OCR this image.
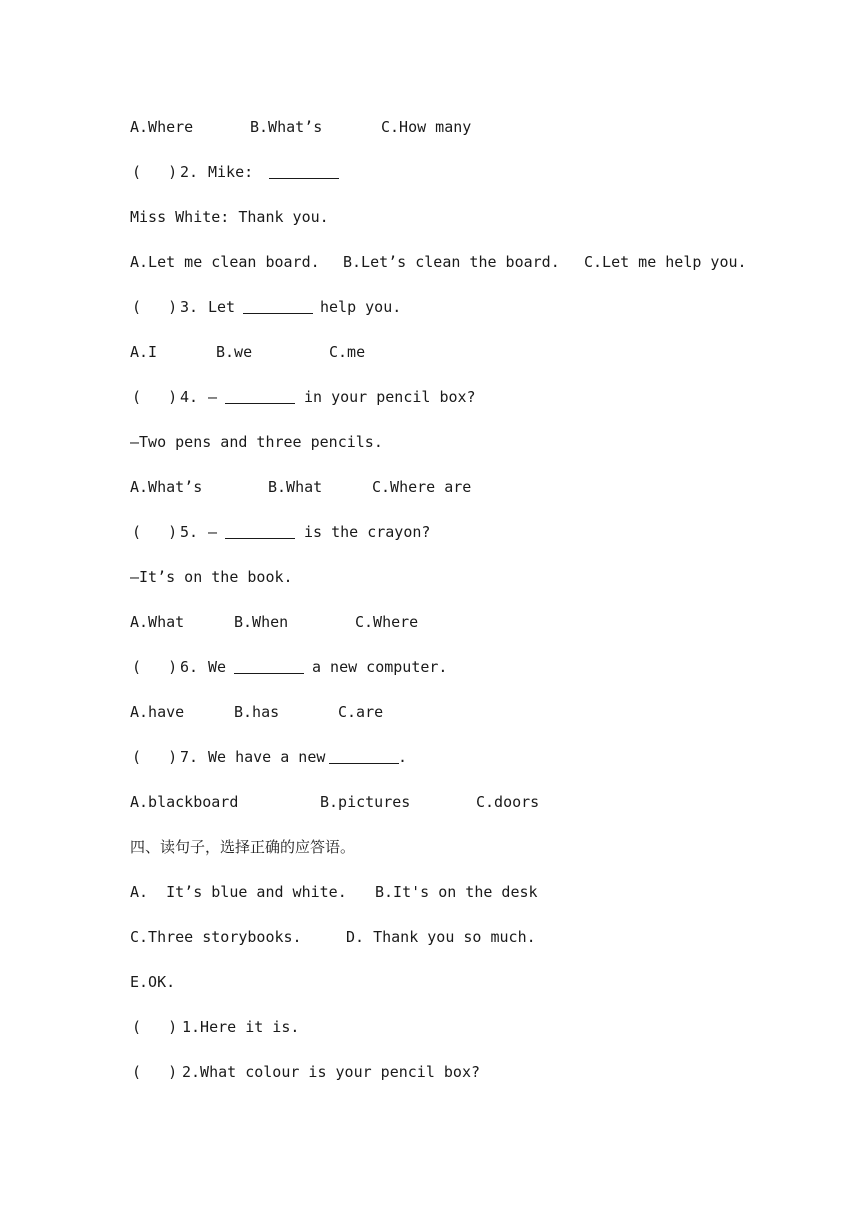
A.Where

	B.What’s

	C.How many

(   )

2.

Mike:

Miss White: Thank you.

A.Let me clean board.

B.Let’s clean the board.

C.Let me help you.

(   )

3.

Let

	help you.

A.I

	B.we

	C.me

(   )

4.

—

	in your pencil box?

—Two pens and three pencils.

A.What’s

	B.What

	C.Where are

(   )

5.

—

	is the crayon?

—It’s on the book.

A.What

	B.When

	C.Where

(   )

6.

We

	a new computer.

A.have

	B.has

	C.are

(   )

7.

We have a new

	.

A.blackboard

	B.pictures

	C.doors

四、读句子，选择正确的应答语。

A.  It’s blue and white.

B.It's on the desk

C.Three storybooks.

	D. Thank you so much.

E.OK.

(   )

1.Here it is.

(   )

2.What colour is your pencil box?
